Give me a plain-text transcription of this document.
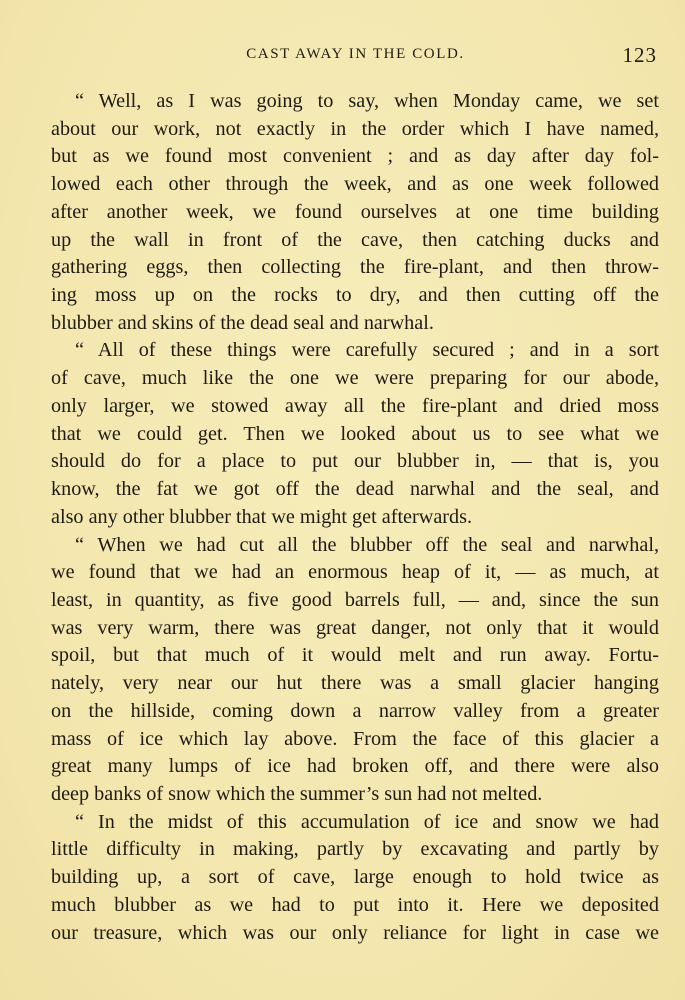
CAST AWAY IN THE COLD.	123
“ Well, as I was going to say, when Monday came, we set
about our work, not exactly in the order which I have named,
but as we found most convenient ; and as day after day fol-
lowed each other through the week, and as one week followed
after another week, we found ourselves at one time building
up the wall in front of the cave, then catching ducks and
gathering eggs, then collecting the fire-plant, and then throw-
ing moss up on the rocks to dry, and then cutting off the
blubber and skins of the dead seal and narwhal.
“ All of these things were carefully secured ; and in a sort
of cave, much like the one we were preparing for our abode,
only larger, we stowed away all the fire-plant and dried moss
that we could get. Then we looked about us to see what we
should do for a place to put our blubber in, — that is, you
know, the fat we got off the dead narwhal and the seal, and
also any other blubber that we might get afterwards.
“ When we had cut all the blubber off the seal and narwhal,
we found that we had an enormous heap of it, — as much, at
least, in quantity, as five good barrels full, — and, since the sun
was very warm, there was great danger, not only that it would
spoil, but that much of it would melt and run away. Fortu-
nately, very near our hut there was a small glacier hanging
on the hillside, coming down a narrow valley from a greater
mass of ice which lay above. From the face of this glacier a
great many lumps of ice had broken off, and there were also
deep banks of snow which the summer’s sun had not melted.
“ In the midst of this accumulation of ice and snow we had
little difficulty in making, partly by excavating and partly by
building up, a sort of cave, large enough to hold twice as
much blubber as we had to put into it. Here we deposited
our treasure, which was our only reliance for light in case we
